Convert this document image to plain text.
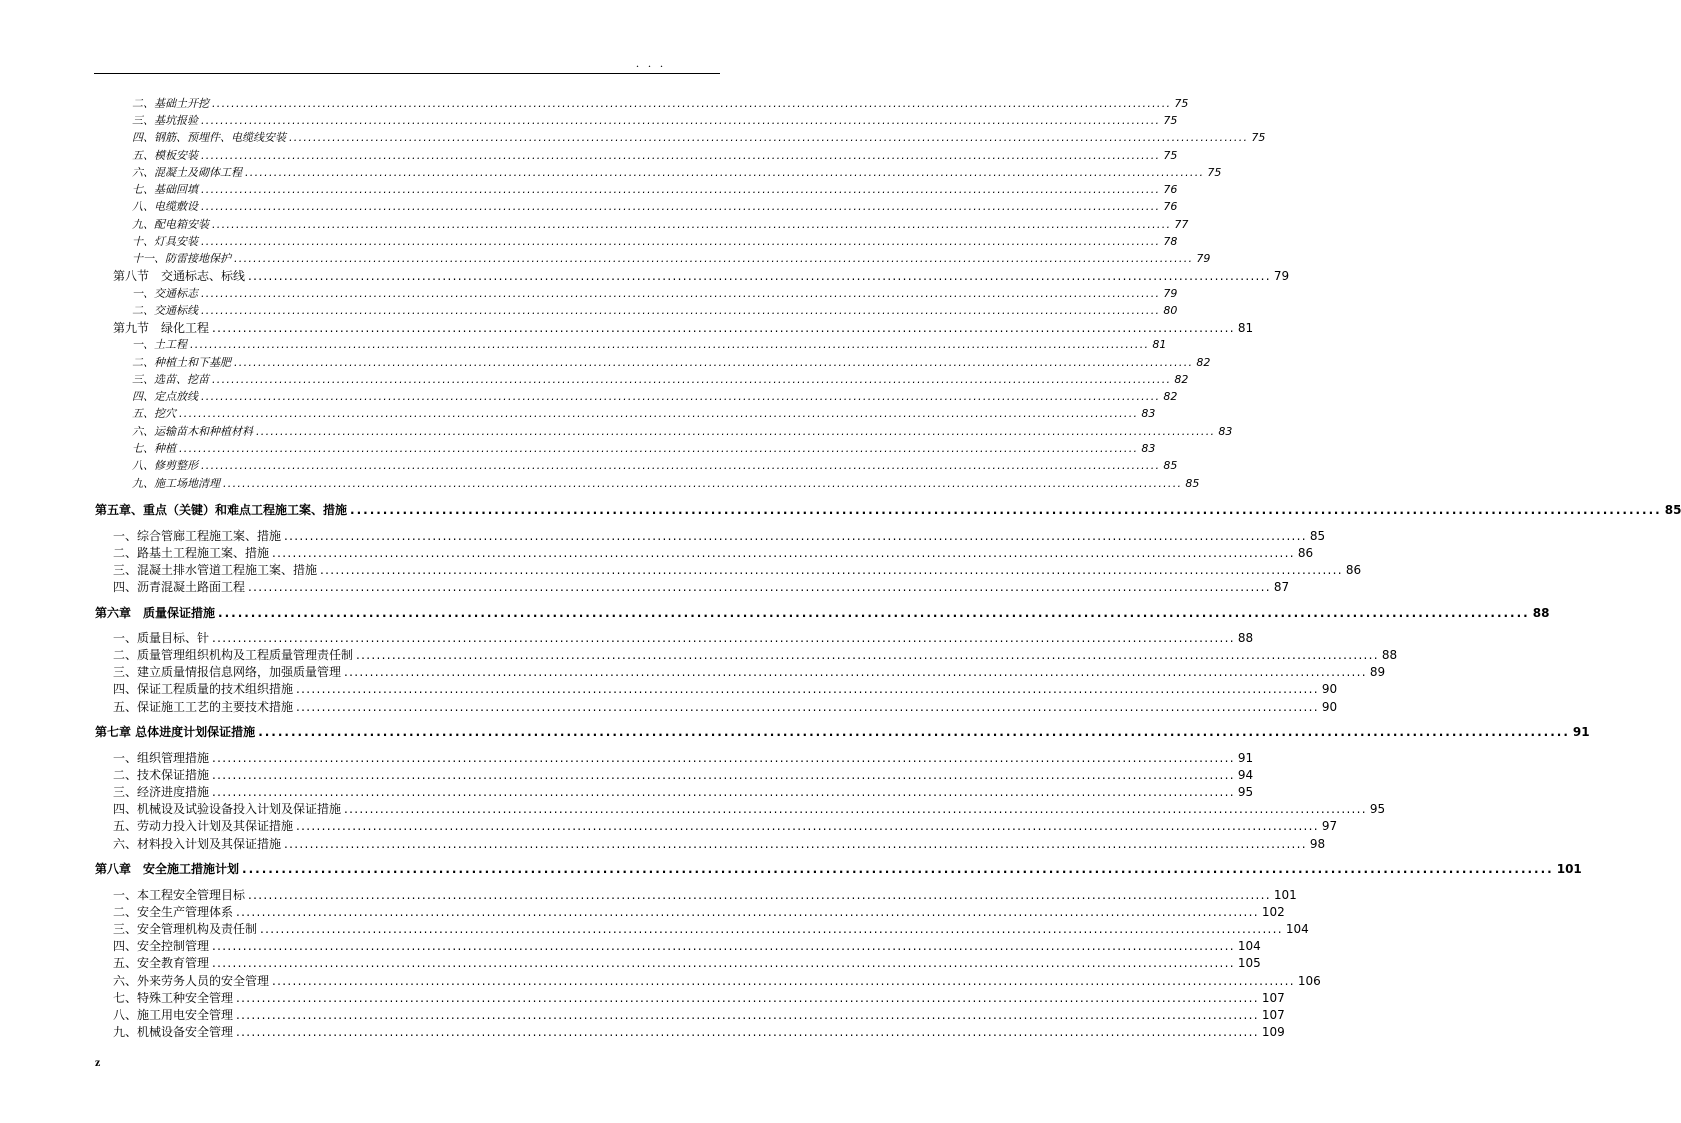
. . .
二、基础土开挖 ........................................................................................................................................................................................................ 75
三、基坑报验 ........................................................................................................................................................................................................ 75
四、钢筋、预埋件、电缆线安装 ........................................................................................................................................................................................................ 75
五、模板安装 ........................................................................................................................................................................................................ 75
六、混凝土及砌体工程 ........................................................................................................................................................................................................ 75
七、基础回填 ........................................................................................................................................................................................................ 76
八、电缆敷设 ........................................................................................................................................................................................................ 76
九、配电箱安装 ........................................................................................................................................................................................................ 77
十、灯具安装 ........................................................................................................................................................................................................ 78
十一、防雷接地保护 ........................................................................................................................................................................................................ 79
第八节　交通标志、标线 ........................................................................................................................................................................................................ 79
一、交通标志 ........................................................................................................................................................................................................ 79
二、交通标线 ........................................................................................................................................................................................................ 80
第九节　绿化工程 ........................................................................................................................................................................................................ 81
一、土工程 ........................................................................................................................................................................................................ 81
二、种植土和下基肥 ........................................................................................................................................................................................................ 82
三、选苗、挖苗 ........................................................................................................................................................................................................ 82
四、定点放线 ........................................................................................................................................................................................................ 82
五、挖穴 ........................................................................................................................................................................................................ 83
六、运输苗木和种植材料 ........................................................................................................................................................................................................ 83
七、种植 ........................................................................................................................................................................................................ 83
八、修剪整形 ........................................................................................................................................................................................................ 85
九、施工场地清理 ........................................................................................................................................................................................................ 85
第五章、重点（关键）和难点工程施工案、措施 ........................................................................................................................................................................................................ 85
一、综合管廊工程施工案、措施 ........................................................................................................................................................................................................ 85
二、路基土工程施工案、措施 ........................................................................................................................................................................................................ 86
三、混凝土排水管道工程施工案、措施 ........................................................................................................................................................................................................ 86
四、沥青混凝土路面工程 ........................................................................................................................................................................................................ 87
第六章　质量保证措施 ........................................................................................................................................................................................................ 88
一、质量目标、针 ........................................................................................................................................................................................................ 88
二、质量管理组织机构及工程质量管理责任制 ........................................................................................................................................................................................................ 88
三、建立质量情报信息网络，加强质量管理 ........................................................................................................................................................................................................ 89
四、保证工程质量的技术组织措施 ........................................................................................................................................................................................................ 90
五、保证施工工艺的主要技术措施 ........................................................................................................................................................................................................ 90
第七章 总体进度计划保证措施 ........................................................................................................................................................................................................ 91
一、组织管理措施 ........................................................................................................................................................................................................ 91
二、技术保证措施 ........................................................................................................................................................................................................ 94
三、经济进度措施 ........................................................................................................................................................................................................ 95
四、机械设及试验设备投入计划及保证措施 ........................................................................................................................................................................................................ 95
五、劳动力投入计划及其保证措施 ........................................................................................................................................................................................................ 97
六、材料投入计划及其保证措施 ........................................................................................................................................................................................................ 98
第八章　安全施工措施计划 ........................................................................................................................................................................................................ 101
一、本工程安全管理目标 ........................................................................................................................................................................................................ 101
二、安全生产管理体系 ........................................................................................................................................................................................................ 102
三、安全管理机构及责任制 ........................................................................................................................................................................................................ 104
四、安全控制管理 ........................................................................................................................................................................................................ 104
五、安全教育管理 ........................................................................................................................................................................................................ 105
六、外来劳务人员的安全管理 ........................................................................................................................................................................................................ 106
七、特殊工种安全管理 ........................................................................................................................................................................................................ 107
八、施工用电安全管理 ........................................................................................................................................................................................................ 107
九、机械设备安全管理 ........................................................................................................................................................................................................ 109
z
